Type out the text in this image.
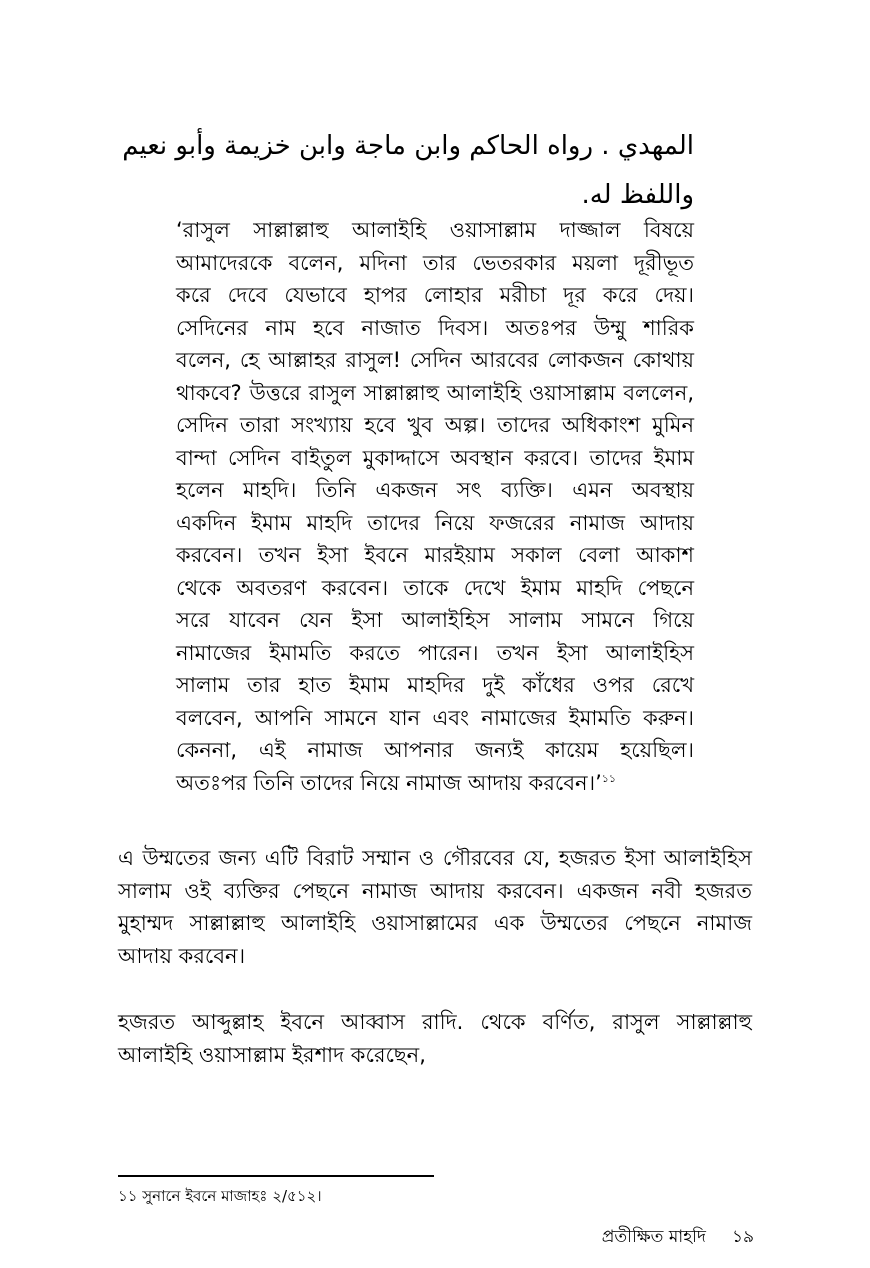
المهدي . رواه الحاكم وابن ماجة وابن خزيمة وأبو نعيم
واللفظ له.
‘রাসুল সাল্লাল্লাহু আলাইহি ওয়াসাল্লাম দাজ্জাল বিষয়ে
আমাদেরকে বলেন, মদিনা তার ভেতরকার ময়লা দূরীভূত
করে দেবে যেভাবে হাপর লোহার মরীচা দূর করে দেয়।
সেদিনের নাম হবে নাজাত দিবস। অতঃপর উম্মু শারিক
বলেন, হে আল্লাহর রাসুল! সেদিন আরবের লোকজন কোথায়
থাকবে? উত্তরে রাসুল সাল্লাল্লাহু আলাইহি ওয়াসাল্লাম বললেন,
সেদিন তারা সংখ্যায় হবে খুব অল্প। তাদের অধিকাংশ মুমিন
বান্দা সেদিন বাইতুল মুকাদ্দাসে অবস্থান করবে। তাদের ইমাম
হলেন মাহদি। তিনি একজন সৎ ব্যক্তি। এমন অবস্থায়
একদিন ইমাম মাহদি তাদের নিয়ে ফজরের নামাজ আদায়
করবেন। তখন ইসা ইবনে মারইয়াম সকাল বেলা আকাশ
থেকে অবতরণ করবেন। তাকে দেখে ইমাম মাহদি পেছনে
সরে যাবেন যেন ইসা আলাইহিস সালাম সামনে গিয়ে
নামাজের ইমামতি করতে পারেন। তখন ইসা আলাইহিস
সালাম তার হাত ইমাম মাহদির দুই কাঁধের ওপর রেখে
বলবেন, আপনি সামনে যান এবং নামাজের ইমামতি করুন।
কেননা, এই নামাজ আপনার জন্যই কায়েম হয়েছিল।
অতঃপর তিনি তাদের নিয়ে নামাজ আদায় করবেন।’$^{১১}$
এ উম্মতের জন্য এটি বিরাট সম্মান ও গৌরবের যে, হজরত ইসা আলাইহিস
সালাম ওই ব্যক্তির পেছনে নামাজ আদায় করবেন। একজন নবী হজরত
মুহাম্মদ সাল্লাল্লাহু আলাইহি ওয়াসাল্লামের এক উম্মতের পেছনে নামাজ
আদায় করবেন।
হজরত আব্দুল্লাহ ইবনে আব্বাস রাদি. থেকে বর্ণিত, রাসুল সাল্লাল্লাহু
আলাইহি ওয়াসাল্লাম ইরশাদ করেছেন,
১১ সুনানে ইবনে মাজাহঃ ২/৫১২।
প্রতীক্ষিত মাহদি ১৯
